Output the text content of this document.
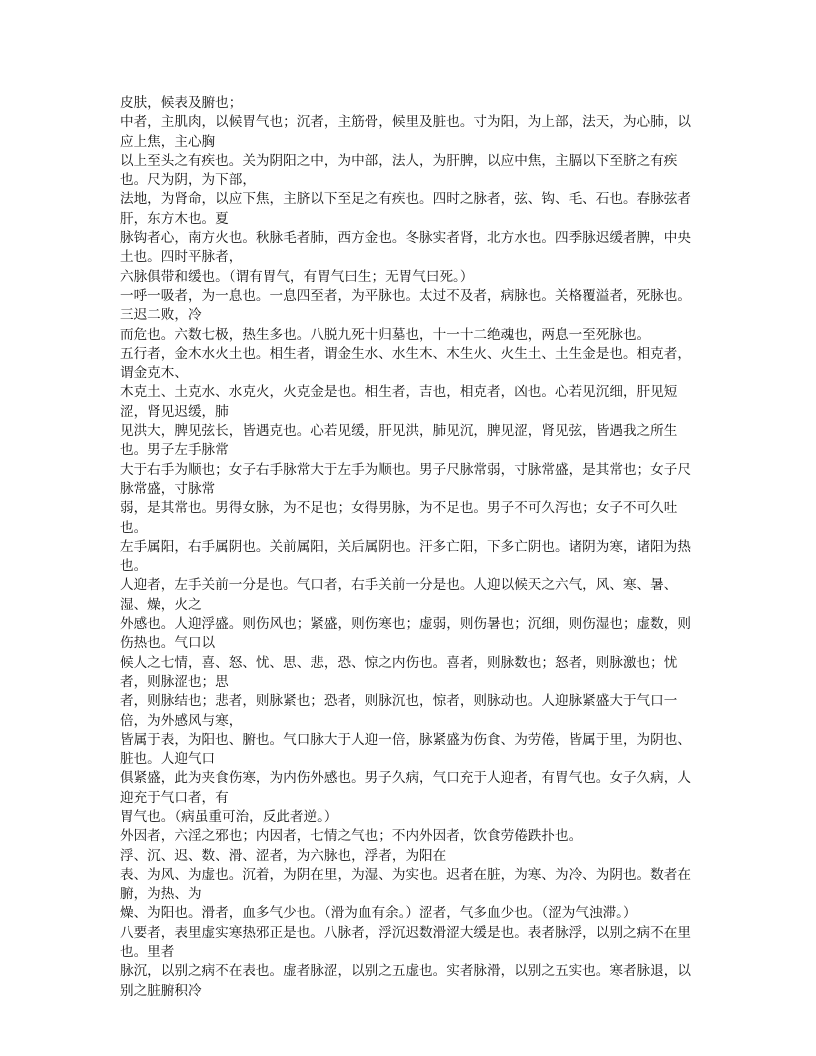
皮肤，候表及腑也；

中者，主肌肉，以候胃气也；沉者，主筋骨，候里及脏也。寸为阳，为上部，法天，为心肺，以应上焦，主心胸

以上至头之有疾也。关为阴阳之中，为中部，法人，为肝脾，以应中焦，主膈以下至脐之有疾也。尺为阴，为下部，

法地，为肾命，以应下焦，主脐以下至足之有疾也。四时之脉者，弦、钩、毛、石也。春脉弦者肝，东方木也。夏

脉钩者心，南方火也。秋脉毛者肺，西方金也。冬脉实者肾，北方水也。四季脉迟缓者脾，中央土也。四时平脉者，

六脉俱带和缓也。（谓有胃气，有胃气曰生；无胃气曰死。）

一呼一吸者，为一息也。一息四至者，为平脉也。太过不及者，病脉也。关格覆溢者，死脉也。三迟二败，冷

而危也。六数七极，热生多也。八脱九死十归墓也，十一十二绝魂也，两息一至死脉也。

五行者，金木水火土也。相生者，谓金生水、水生木、木生火、火生土、土生金是也。相克者，谓金克木、

木克土、土克水、水克火，火克金是也。相生者，吉也，相克者，凶也。心若见沉细，肝见短涩，肾见迟缓，肺

见洪大，脾见弦长，皆遇克也。心若见缓，肝见洪，肺见沉，脾见涩，肾见弦，皆遇我之所生也。男子左手脉常

大于右手为顺也；女子右手脉常大于左手为顺也。男子尺脉常弱，寸脉常盛，是其常也；女子尺脉常盛，寸脉常

弱，是其常也。男得女脉，为不足也；女得男脉，为不足也。男子不可久泻也；女子不可久吐也。

左手属阳，右手属阴也。关前属阳，关后属阴也。汗多亡阳，下多亡阴也。诸阴为寒，诸阳为热也。

人迎者，左手关前一分是也。气口者，右手关前一分是也。人迎以候天之六气，风、寒、暑、湿、燥，火之

外感也。人迎浮盛。则伤风也；紧盛，则伤寒也；虚弱，则伤暑也；沉细，则伤湿也；虚数，则伤热也。气口以

候人之七情，喜、怒、忧、思、悲，恐、惊之内伤也。喜者，则脉数也；怒者，则脉激也；忧者，则脉涩也；思

者，则脉结也；悲者，则脉紧也；恐者，则脉沉也，惊者，则脉动也。人迎脉紧盛大于气口一倍，为外感风与寒，

皆属于表，为阳也、腑也。气口脉大于人迎一倍，脉紧盛为伤食、为劳倦，皆属于里，为阴也、脏也。人迎气口

俱紧盛，此为夹食伤寒，为内伤外感也。男子久病，气口充于人迎者，有胃气也。女子久病，人迎充于气口者，有

胃气也。（病虽重可治，反此者逆。）

外因者，六淫之邪也；内因者，七情之气也；不内外因者，饮食劳倦跌扑也。

浮、沉、迟、数、滑、涩者，为六脉也，浮者，为阳在

表、为风、为虚也。沉着，为阴在里，为湿、为实也。迟者在脏，为寒、为冷、为阴也。数者在腑，为热、为

燥、为阳也。滑者，血多气少也。（滑为血有余。）涩者，气多血少也。（涩为气浊滞。）

八要者，表里虚实寒热邪正是也。八脉者，浮沉迟数滑涩大缓是也。表者脉浮，以别之病不在里也。里者

脉沉，以别之病不在表也。虚者脉涩，以别之五虚也。实者脉滑，以别之五实也。寒者脉退，以别之脏腑积冷
